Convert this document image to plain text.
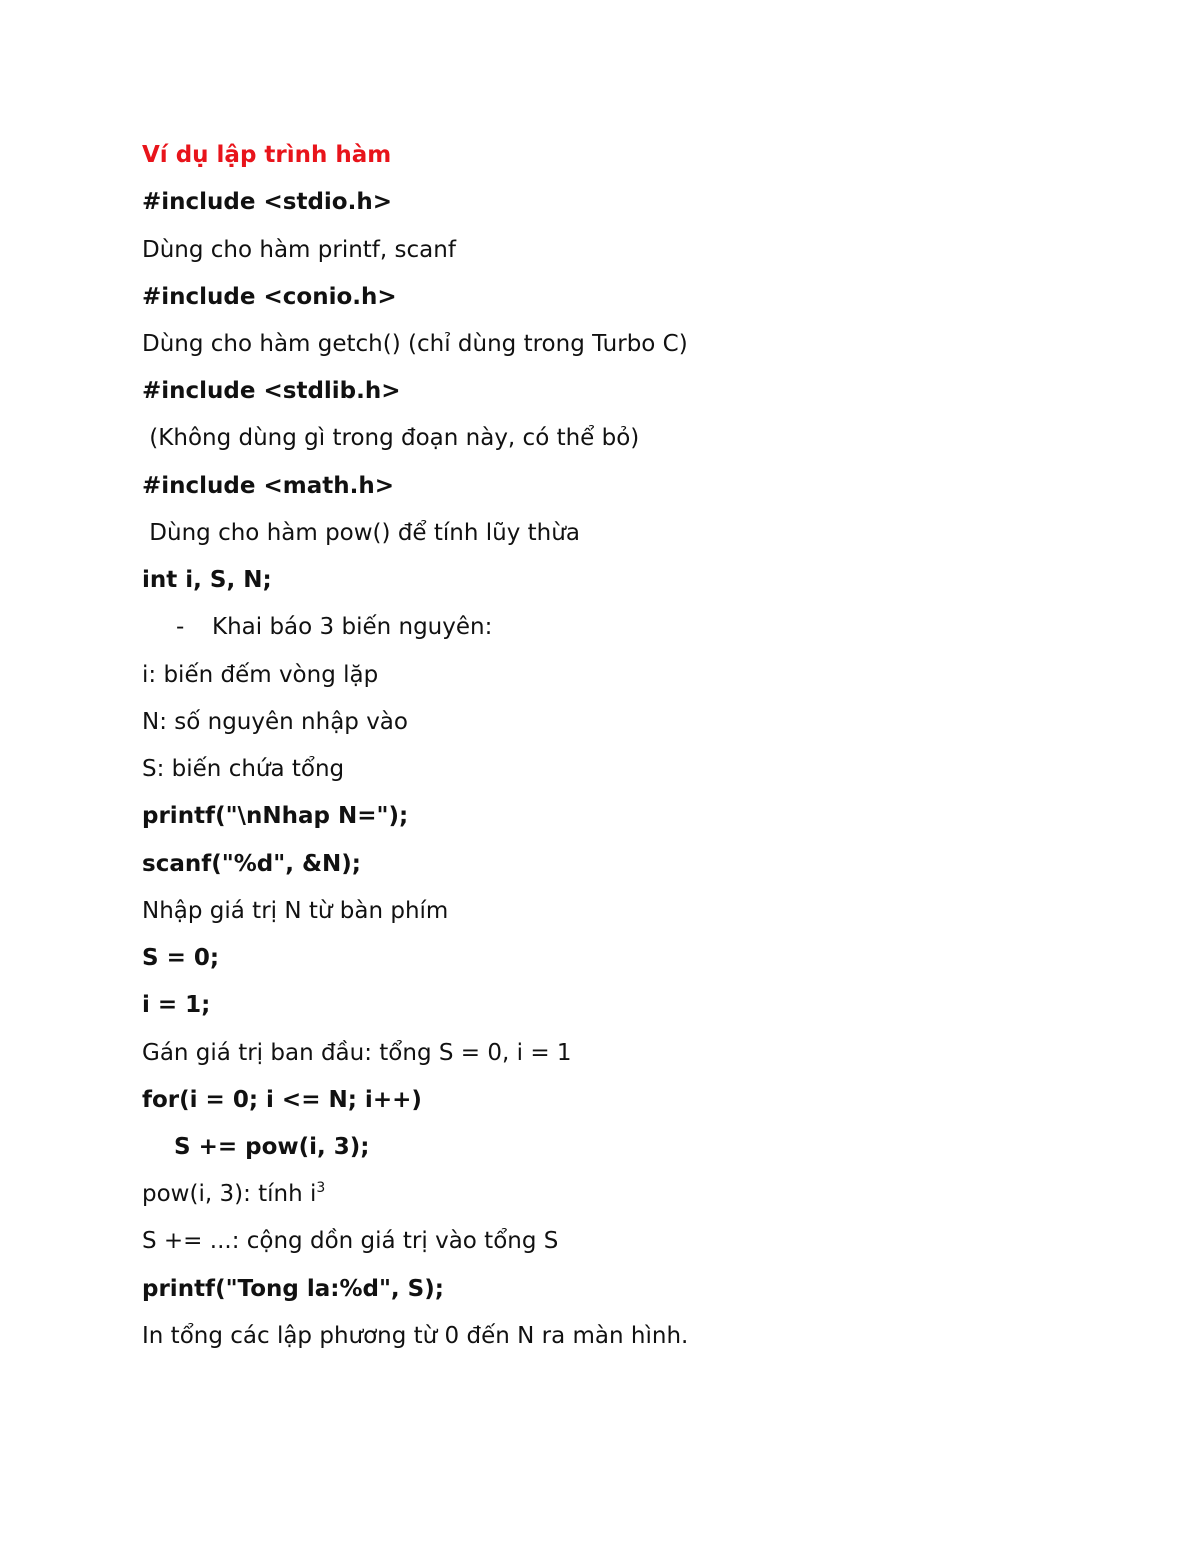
Ví dụ lập trình hàm
#include <stdio.h>
Dùng cho hàm printf, scanf
#include <conio.h>
Dùng cho hàm getch() (chỉ dùng trong Turbo C)
#include <stdlib.h>
(Không dùng gì trong đoạn này, có thể bỏ)
#include <math.h>
Dùng cho hàm pow() để tính lũy thừa
int i, S, N;
- Khai báo 3 biến nguyên:
i: biến đếm vòng lặp
N: số nguyên nhập vào
S: biến chứa tổng
printf("\nNhap N=");
scanf("%d", &N);
Nhập giá trị N từ bàn phím
S = 0;
i = 1;
Gán giá trị ban đầu: tổng S = 0, i = 1
for(i = 0; i <= N; i++)
S += pow(i, 3);
pow(i, 3): tính $i^3$
S += ...: cộng dồn giá trị vào tổng S
printf("Tong la:%d", S);
In tổng các lập phương từ 0 đến N ra màn hình.
